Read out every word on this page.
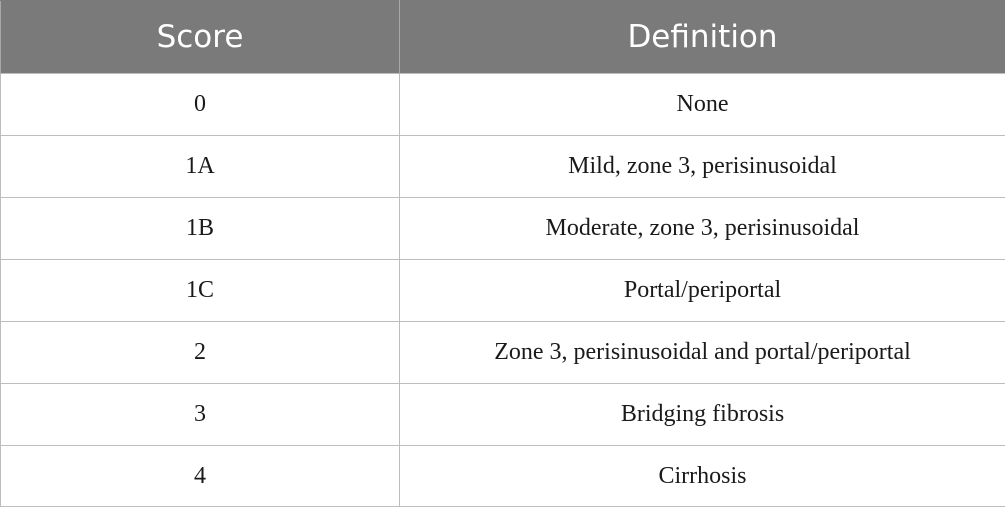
Score	Definition
0	None
1A	Mild, zone 3, perisinusoidal
1B	Moderate, zone 3, perisinusoidal
1C	Portal/periportal
2	Zone 3, perisinusoidal and portal/periportal
3	Bridging fibrosis
4	Cirrhosis
